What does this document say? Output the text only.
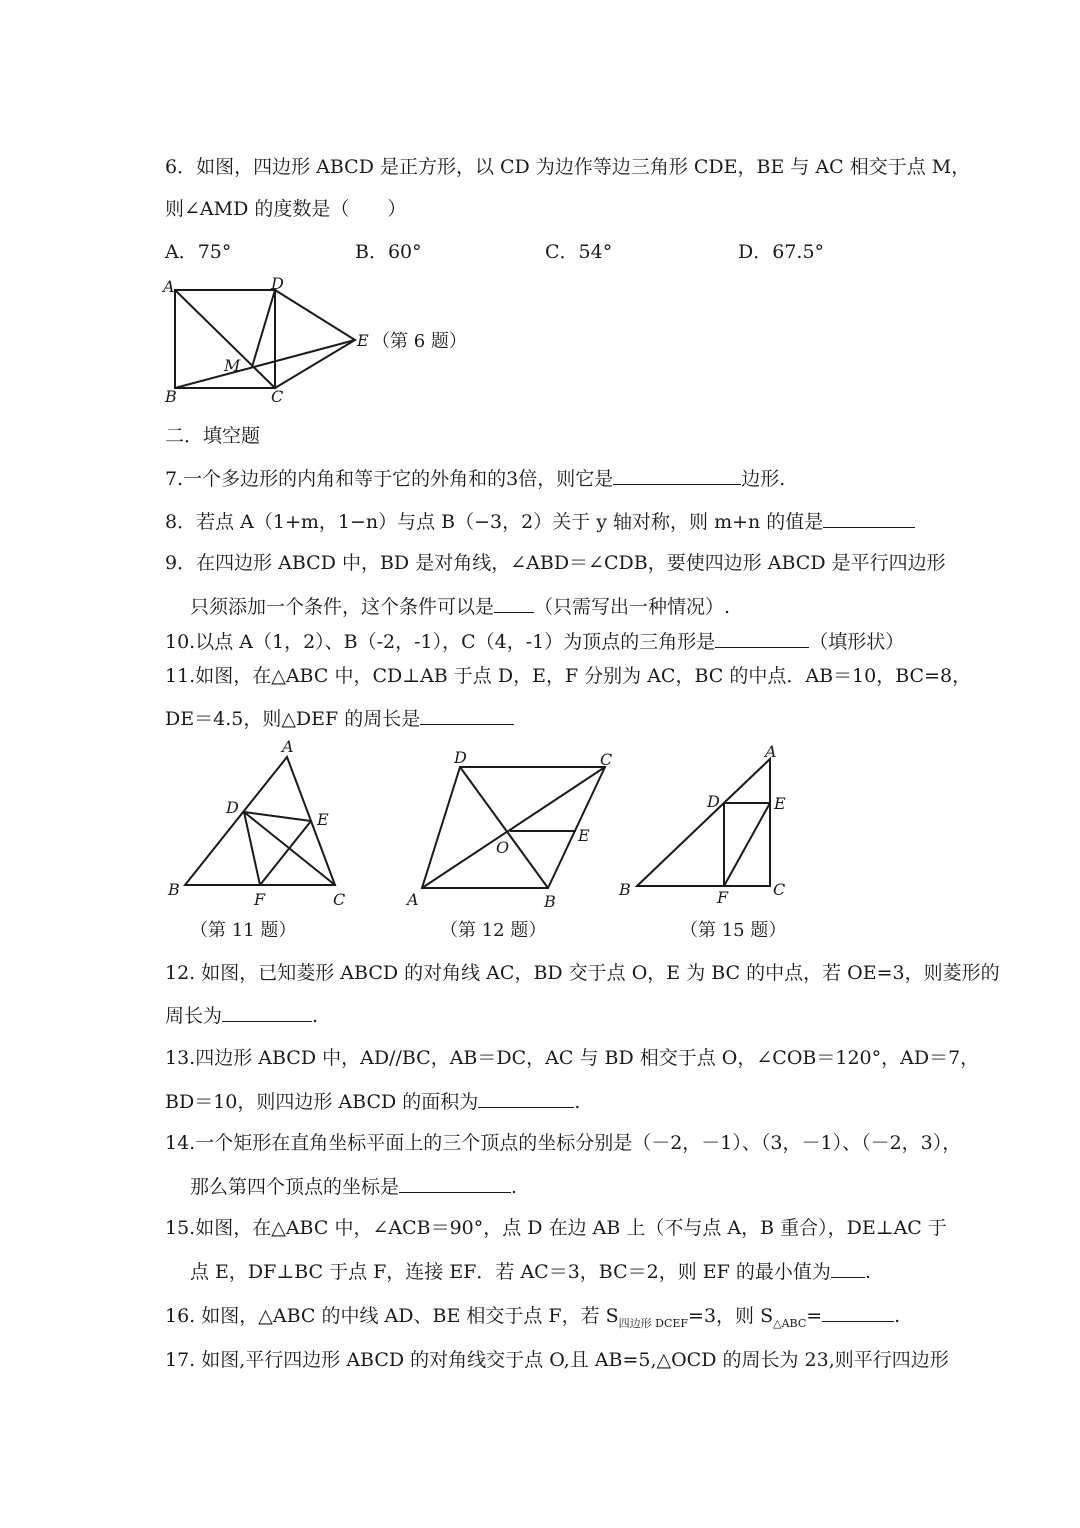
6．如图，四边形 ABCD 是正方形，以 CD 为边作等边三角形 CDE，BE 与 AC 相交于点 M，
则∠AMD 的度数是（　　）
A．75°	B．60°	C．54°	D．67.5°
A	D
E
M
B	C
（第 6 题）
二．填空题
7.一个多边形的内角和等于它的外角和的3倍，则它是	边形.
8．若点 A（1+m，1−n）与点 B（−3，2）关于 y 轴对称，则 m+n 的值是
9．在四边形 ABCD 中，BD 是对角线，∠ABD＝∠CDB，要使四边形 ABCD 是平行四边形
只须添加一个条件，这个条件可以是 （只需写出一种情况）.
10.以点 A（1，2）、B（-2，-1），C（4，-1）为顶点的三角形是	（填形状）
11.如图，在△ABC 中，CD⊥AB 于点 D，E，F 分别为 AC，BC 的中点．AB＝10，BC=8，
DE＝4.5，则△DEF 的周长是
A
D
E
B
F	C
（第 11 题）
D	C
O
E
A	B
（第 12 题）
A
D	E
B	F	C
（第 15 题）
12. 如图，已知菱形 ABCD 的对角线 AC，BD 交于点 O，E 为 BC 的中点，若 OE=3，则菱形的
周长为	.
13.四边形 ABCD 中，AD//BC，AB＝DC，AC 与 BD 相交于点 O，∠COB＝120°，AD＝7，
BD＝10，则四边形 ABCD 的面积为	.
14.一个矩形在直角坐标平面上的三个顶点的坐标分别是（－2，－1）、（3，－1）、（－2，3），
那么第四个顶点的坐标是	.
15.如图，在△ABC 中，∠ACB＝90°，点 D 在边 AB 上（不与点 A，B 重合），DE⊥AC 于
点 E，DF⊥BC 于点 F，连接 EF．若 AC＝3，BC＝2，则 EF 的最小值为 .
16. 如图，△ABC 的中线 AD、BE 相交于点 F，若 $S_{四边形 DCEF}=3$，则 $S_{\triangle ABC}=$	.
17. 如图,平行四边形 ABCD 的对角线交于点 O,且 AB=5,△OCD 的周长为 23,则平行四边形
